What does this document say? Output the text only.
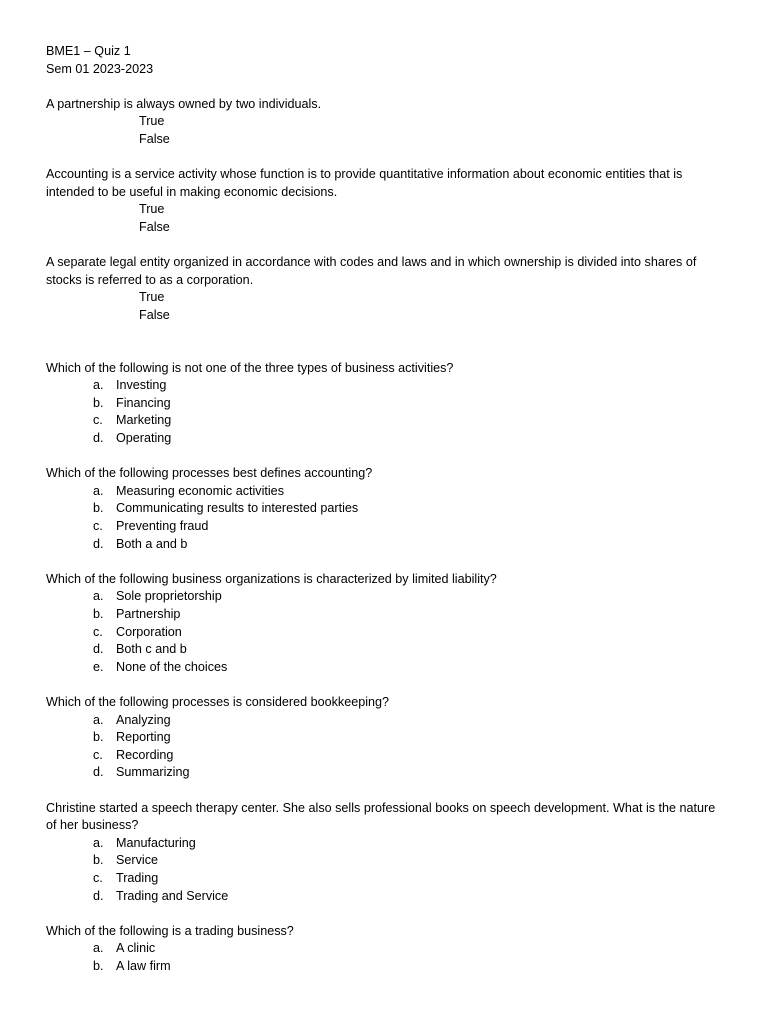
BME1 – Quiz 1

Sem 01 2023-2023

A partnership is always owned by two individuals.

True

False

Accounting is a service activity whose function is to provide quantitative information about economic entities that is intended to be useful in making economic decisions.

True

False

A separate legal entity organized in accordance with codes and laws and in which ownership is divided into shares of stocks is referred to as a corporation.

True

False

Which of the following is not one of the three types of business activities?

a. Investing
b. Financing
c.	Marketing
d. Operating

Which of the following processes best defines accounting?

a. Measuring economic activities
b. Communicating results to interested parties
c.	Preventing fraud
d. Both a and b

Which of the following business organizations is characterized by limited liability?

a. Sole proprietorship
b. Partnership
c.	Corporation
d. Both c and b
e. None of the choices

Which of the following processes is considered bookkeeping?

a. Analyzing
b. Reporting
c.	Recording
d. Summarizing

Christine started a speech therapy center. She also sells professional books on speech development. What is the nature of her business?

a. Manufacturing
b. Service
c.	Trading
d. Trading and Service

Which of the following is a trading business?

a. A clinic
b. A law firm
